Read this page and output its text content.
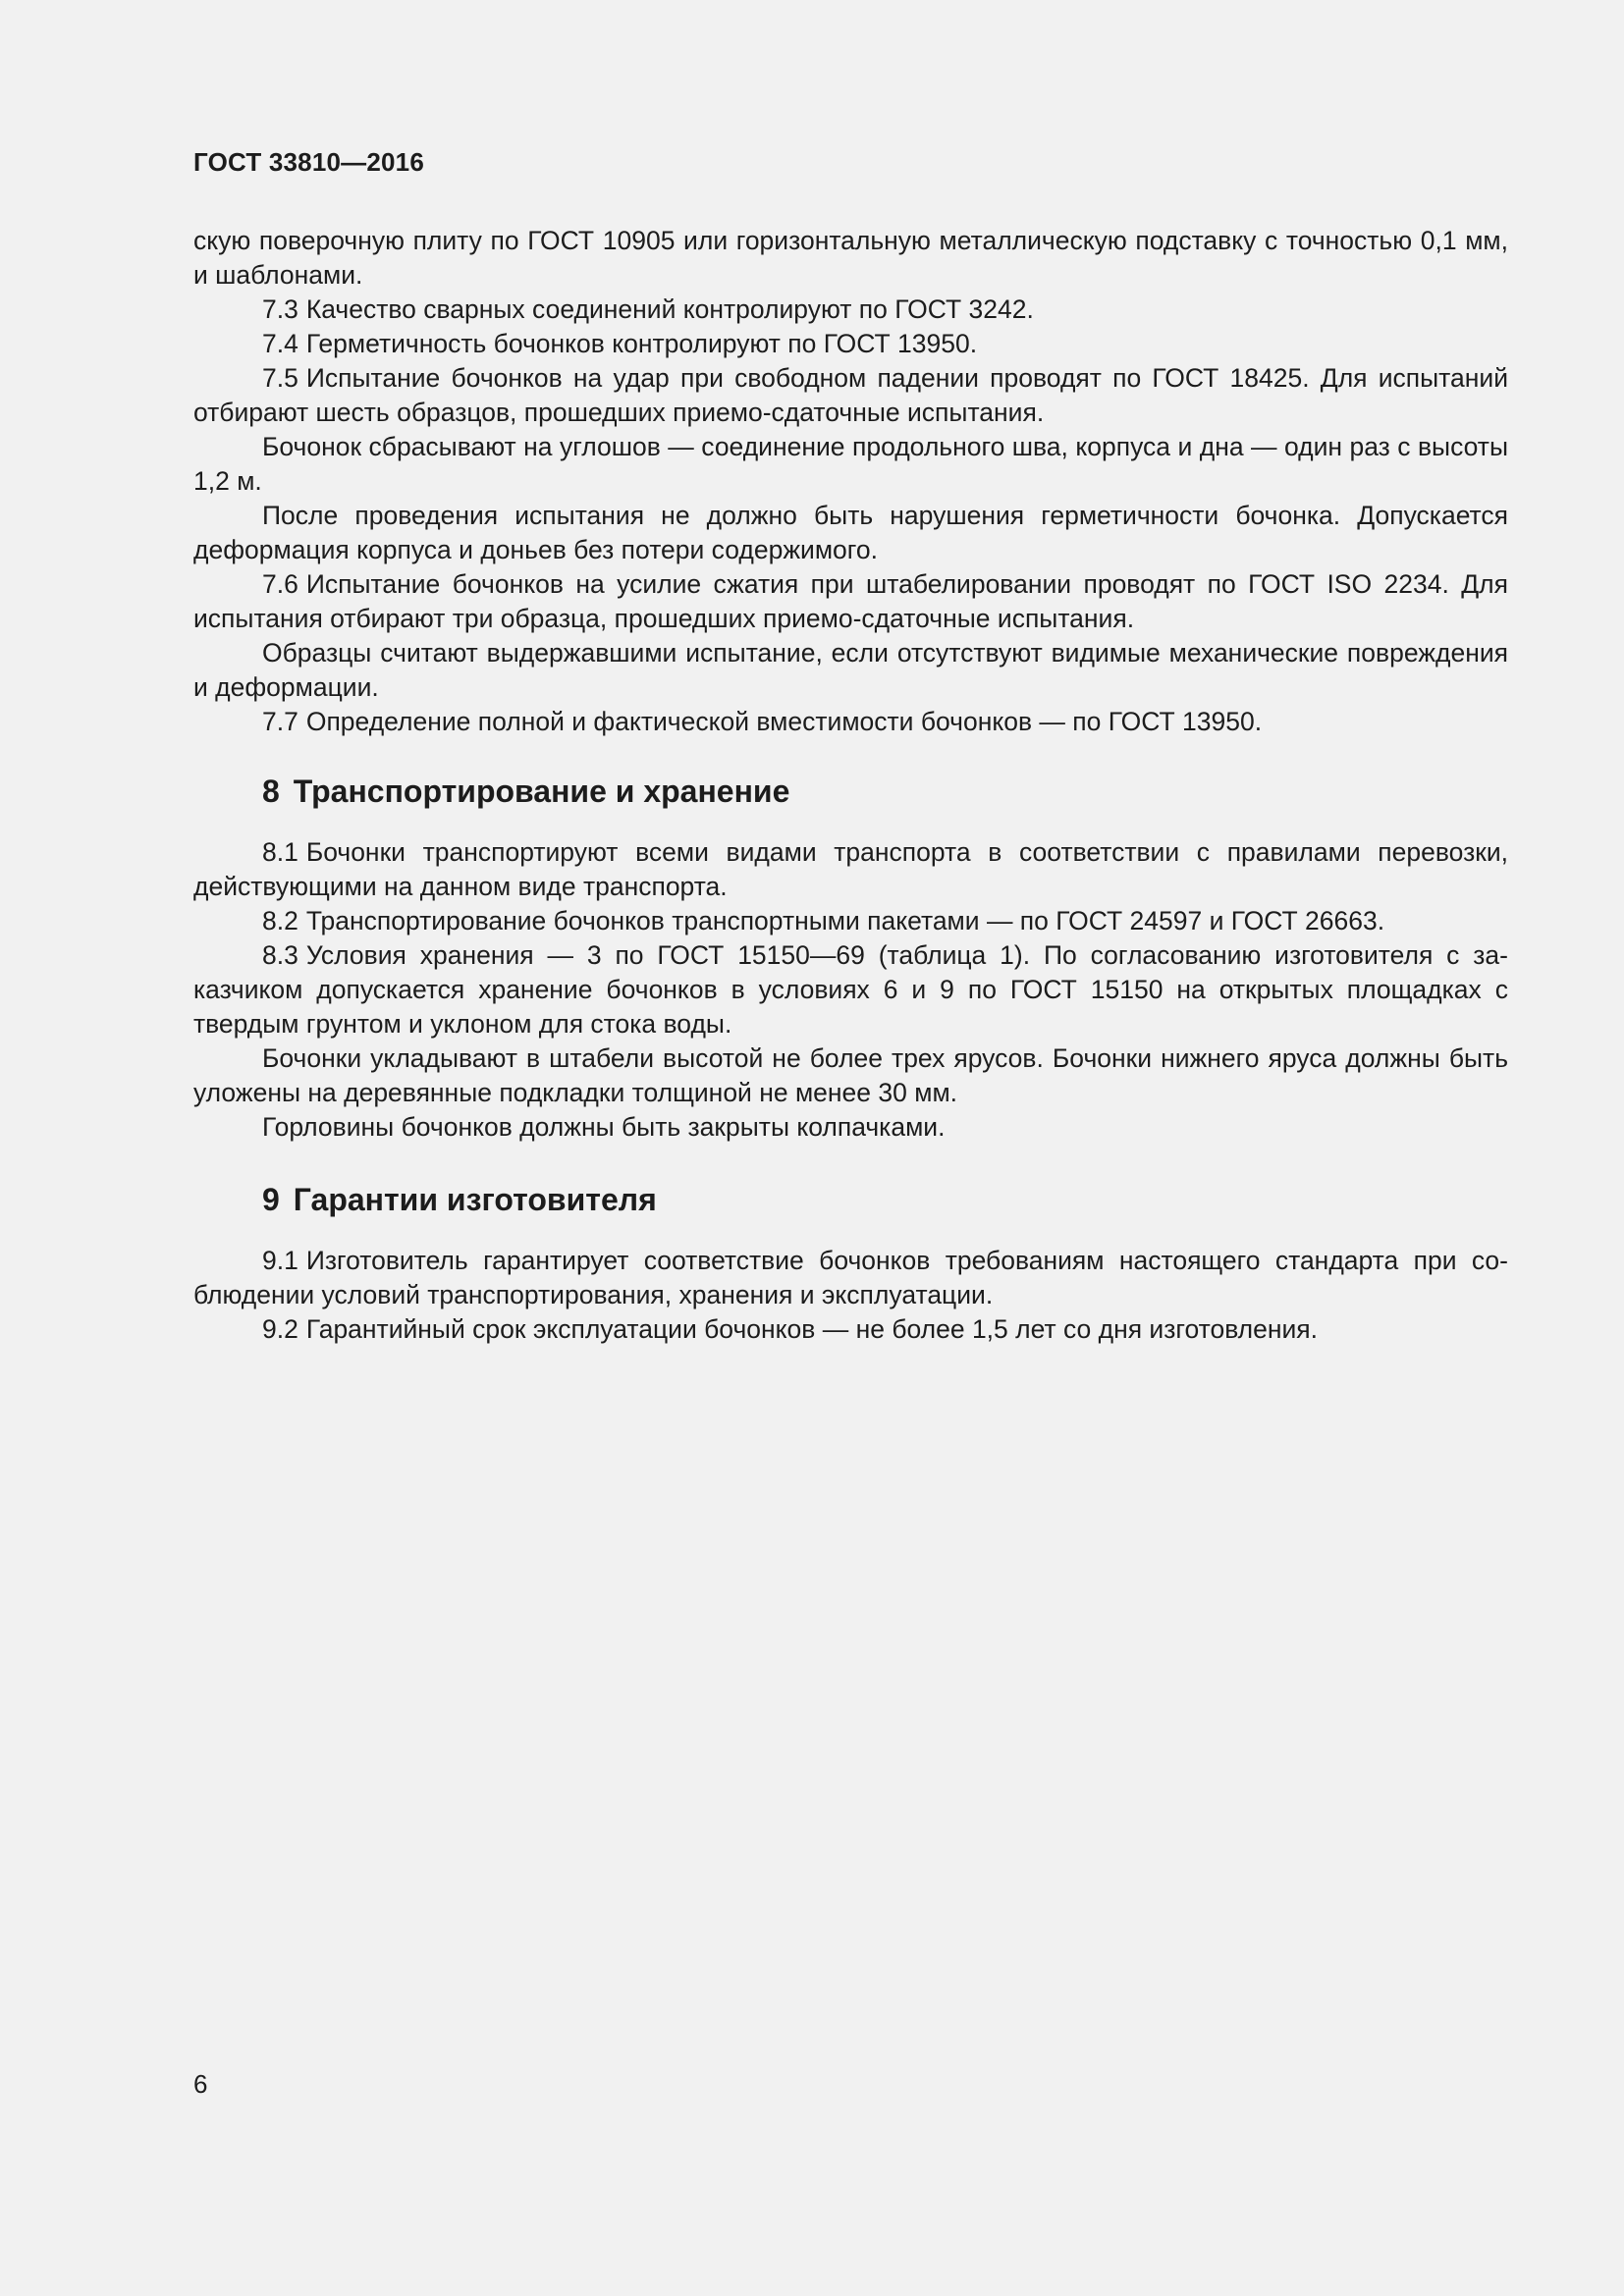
ГОСТ 33810—2016

скую поверочную плиту по ГОСТ 10905 или горизонтальную металлическую подставку с точностью 0,1 мм, и шаблонами.

7.3 Качество сварных соединений контролируют по ГОСТ 3242.

7.4 Герметичность бочонков контролируют по ГОСТ 13950.

7.5 Испытание бочонков на удар при свободном падении проводят по ГОСТ 18425. Для испытаний отбирают шесть образцов, прошедших приемо-сдаточные испытания.

Бочонок сбрасывают на углошов — соединение продольного шва, корпуса и дна — один раз с высоты 1,2 м.

После проведения испытания не должно быть нарушения герметичности бочонка. Допускается деформация корпуса и доньев без потери содержимого.

7.6 Испытание бочонков на усилие сжатия при штабелировании проводят по ГОСТ ISO 2234. Для испытания отбирают три образца, прошедших приемо-сдаточные испытания.

Образцы считают выдержавшими испытание, если отсутствуют видимые механические повреждения и деформации.

7.7 Определение полной и фактической вместимости бочонков — по ГОСТ 13950.

8 Транспортирование и хранение

8.1 Бочонки транспортируют всеми видами транспорта в соответствии с правилами перевозки, действующими на данном виде транспорта.

8.2 Транспортирование бочонков транспортными пакетами — по ГОСТ 24597 и ГОСТ 26663.

8.3 Условия хранения — 3 по ГОСТ 15150—69 (таблица 1). По согласованию изготовителя с заказчиком допускается хранение бочонков в условиях 6 и 9 по ГОСТ 15150 на открытых площадках с твердым грунтом и уклоном для стока воды.

Бочонки укладывают в штабели высотой не более трех ярусов. Бочонки нижнего яруса должны быть уложены на деревянные подкладки толщиной не менее 30 мм.

Горловины бочонков должны быть закрыты колпачками.

9 Гарантии изготовителя

9.1 Изготовитель гарантирует соответствие бочонков требованиям настоящего стандарта при соблюдении условий транспортирования, хранения и эксплуатации.

9.2 Гарантийный срок эксплуатации бочонков — не более 1,5 лет со дня изготовления.

6
